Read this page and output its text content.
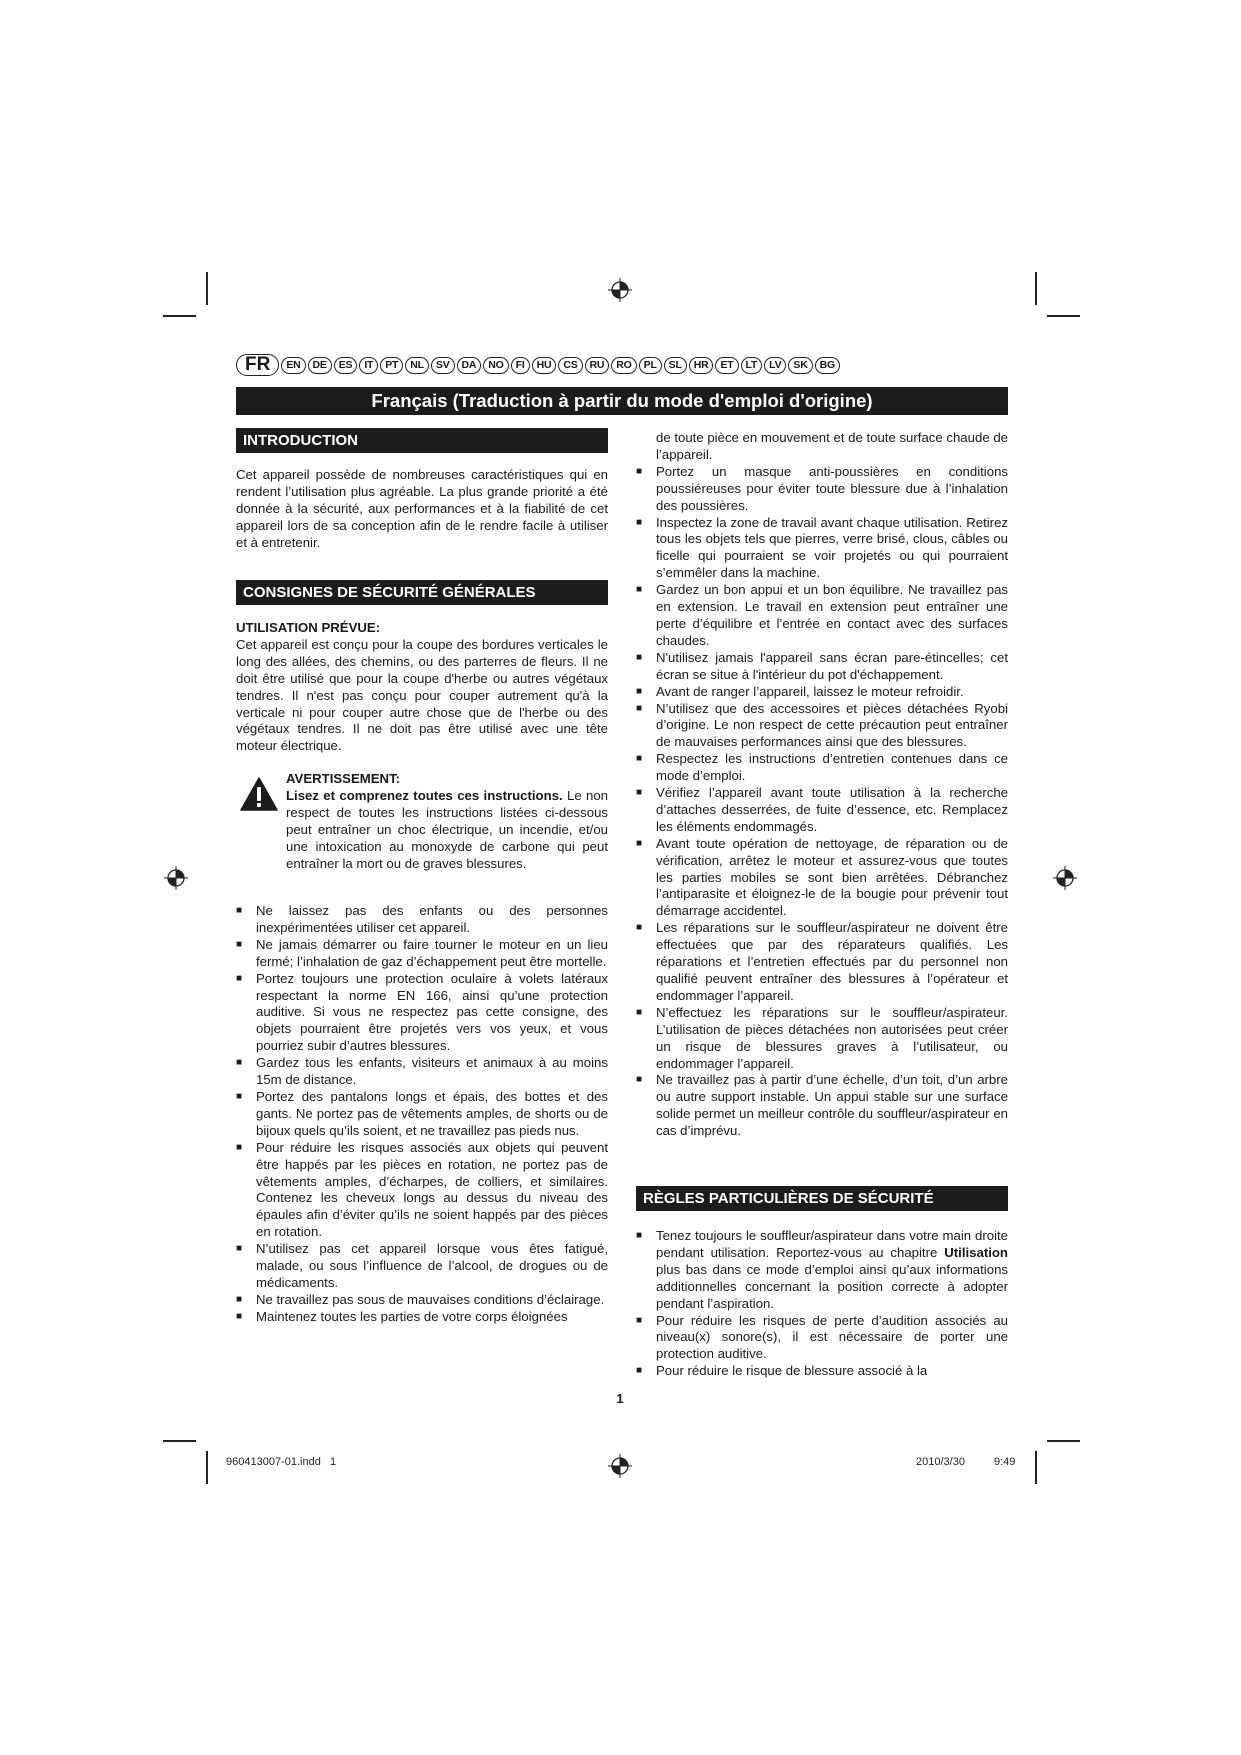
FR	EN	DE	ES	IT	PT	NL	SV	DA	NO	FI	HU	CS	RU	RO	PL	SL	HR	ET	LT	LV	SK	BG
Français (Traduction à partir du mode d'emploi d'origine)
INTRODUCTION

Cet appareil possède de nombreuses caractéristiques qui en rendent l’utilisation plus agréable. La plus grande priorité a été donnée à la sécurité, aux performances et à la fiabilité de cet appareil lors de sa conception afin de le rendre facile à utiliser et à entretenir.

CONSIGNES DE SÉCURITÉ GÉNÉRALES

UTILISATION PRÉVUE:

Cet appareil est conçu pour la coupe des bordures verticales le long des allées, des chemins, ou des parterres de fleurs. Il ne doit être utilisé que pour la coupe d'herbe ou autres végétaux tendres. Il n'est pas conçu pour couper autrement qu'à la verticale ni pour couper autre chose que de l'herbe ou des végétaux tendres. Il ne doit pas être utilisé avec une tête moteur électrique.

AVERTISSEMENT:
Lisez et comprenez toutes ces instructions. Le non respect de toutes les instructions listées ci-dessous peut entraîner un choc électrique, un incendie, et/ou une intoxication au monoxyde de carbone qui peut entraîner la mort ou de graves blessures.
■ Ne laissez pas des enfants ou des personnes inexpérimentées utiliser cet appareil.
■ Ne jamais démarrer ou faire tourner le moteur en un lieu fermé; l’inhalation de gaz d’échappement peut être mortelle.
■ Portez toujours une protection oculaire à volets latéraux respectant la norme EN 166, ainsi qu’une protection auditive. Si vous ne respectez pas cette consigne, des objets pourraient être projetés vers vos yeux, et vous pourriez subir d’autres blessures.
■ Gardez tous les enfants, visiteurs et animaux à au moins 15m de distance.
■ Portez des pantalons longs et épais, des bottes et des gants. Ne portez pas de vêtements amples, de shorts ou de bijoux quels qu’ils soient, et ne travaillez pas pieds nus.
■ Pour réduire les risques associés aux objets qui peuvent être happés par les pièces en rotation, ne portez pas de vêtements amples, d’écharpes, de colliers, et similaires. Contenez les cheveux longs au dessus du niveau des épaules afin d’éviter qu’ils ne soient happés par des pièces en rotation.
■ N’utilisez pas cet appareil lorsque vous êtes fatigué, malade, ou sous l’influence de l’alcool, de drogues ou de médicaments.
■ Ne travaillez pas sous de mauvaises conditions d’éclairage.
■ Maintenez toutes les parties de votre corps éloignées

de toute pièce en mouvement et de toute surface chaude de l’appareil.

■ Portez un masque anti-poussières en conditions poussiéreuses pour éviter toute blessure due à l’inhalation des poussières.
■ Inspectez la zone de travail avant chaque utilisation. Retirez tous les objets tels que pierres, verre brisé, clous, câbles ou ficelle qui pourraient se voir projetés ou qui pourraient s’emmêler dans la machine.
■ Gardez un bon appui et un bon équilibre. Ne travaillez pas en extension. Le travail en extension peut entraîner une perte d’équilibre et l’entrée en contact avec des surfaces chaudes.
■ N'utilisez jamais l'appareil sans écran pare-étincelles; cet écran se situe à l'intérieur du pot d'échappement.
■ Avant de ranger l’appareil, laissez le moteur refroidir.
■ N’utilisez que des accessoires et pièces détachées Ryobi d’origine. Le non respect de cette précaution peut entraîner de mauvaises performances ainsi que des blessures.
■ Respectez les instructions d’entretien contenues dans ce mode d’emploi.
■ Vérifiez l’appareil avant toute utilisation à la recherche d’attaches desserrées, de fuite d’essence, etc. Remplacez les éléments endommagés.
■ Avant toute opération de nettoyage, de réparation ou de vérification, arrêtez le moteur et assurez-vous que toutes les parties mobiles se sont bien arrêtées. Débranchez l’antiparasite et éloignez-le de la bougie pour prévenir tout démarrage accidentel.
■ Les réparations sur le souffleur/aspirateur ne doivent être effectuées que par des réparateurs qualifiés. Les réparations et l’entretien effectués par du personnel non qualifié peuvent entraîner des blessures à l’opérateur et endommager l’appareil.
■ N’effectuez les réparations sur le souffleur/aspirateur. L’utilisation de pièces détachées non autorisées peut créer un risque de blessures graves à l’utilisateur, ou endommager l’appareil.
■ Ne travaillez pas à partir d’une échelle, d’un toit, d’un arbre ou autre support instable. Un appui stable sur une surface solide permet un meilleur contrôle du souffleur/aspirateur en cas d’imprévu.
RÈGLES PARTICULIÈRES DE SÉCURITÉ
■ Tenez toujours le souffleur/aspirateur dans votre main droite pendant utilisation. Reportez-vous au chapitre Utilisation plus bas dans ce mode d’emploi ainsi qu’aux informations additionnelles concernant la position correcte à adopter pendant l’aspiration.
■ Pour réduire les risques de perte d’audition associés au niveau(x) sonore(s), il est nécessaire de porter une protection auditive.
■ Pour réduire le risque de blessure associé à la
1
960413007-01.indd   1	2010/3/30	9:49
